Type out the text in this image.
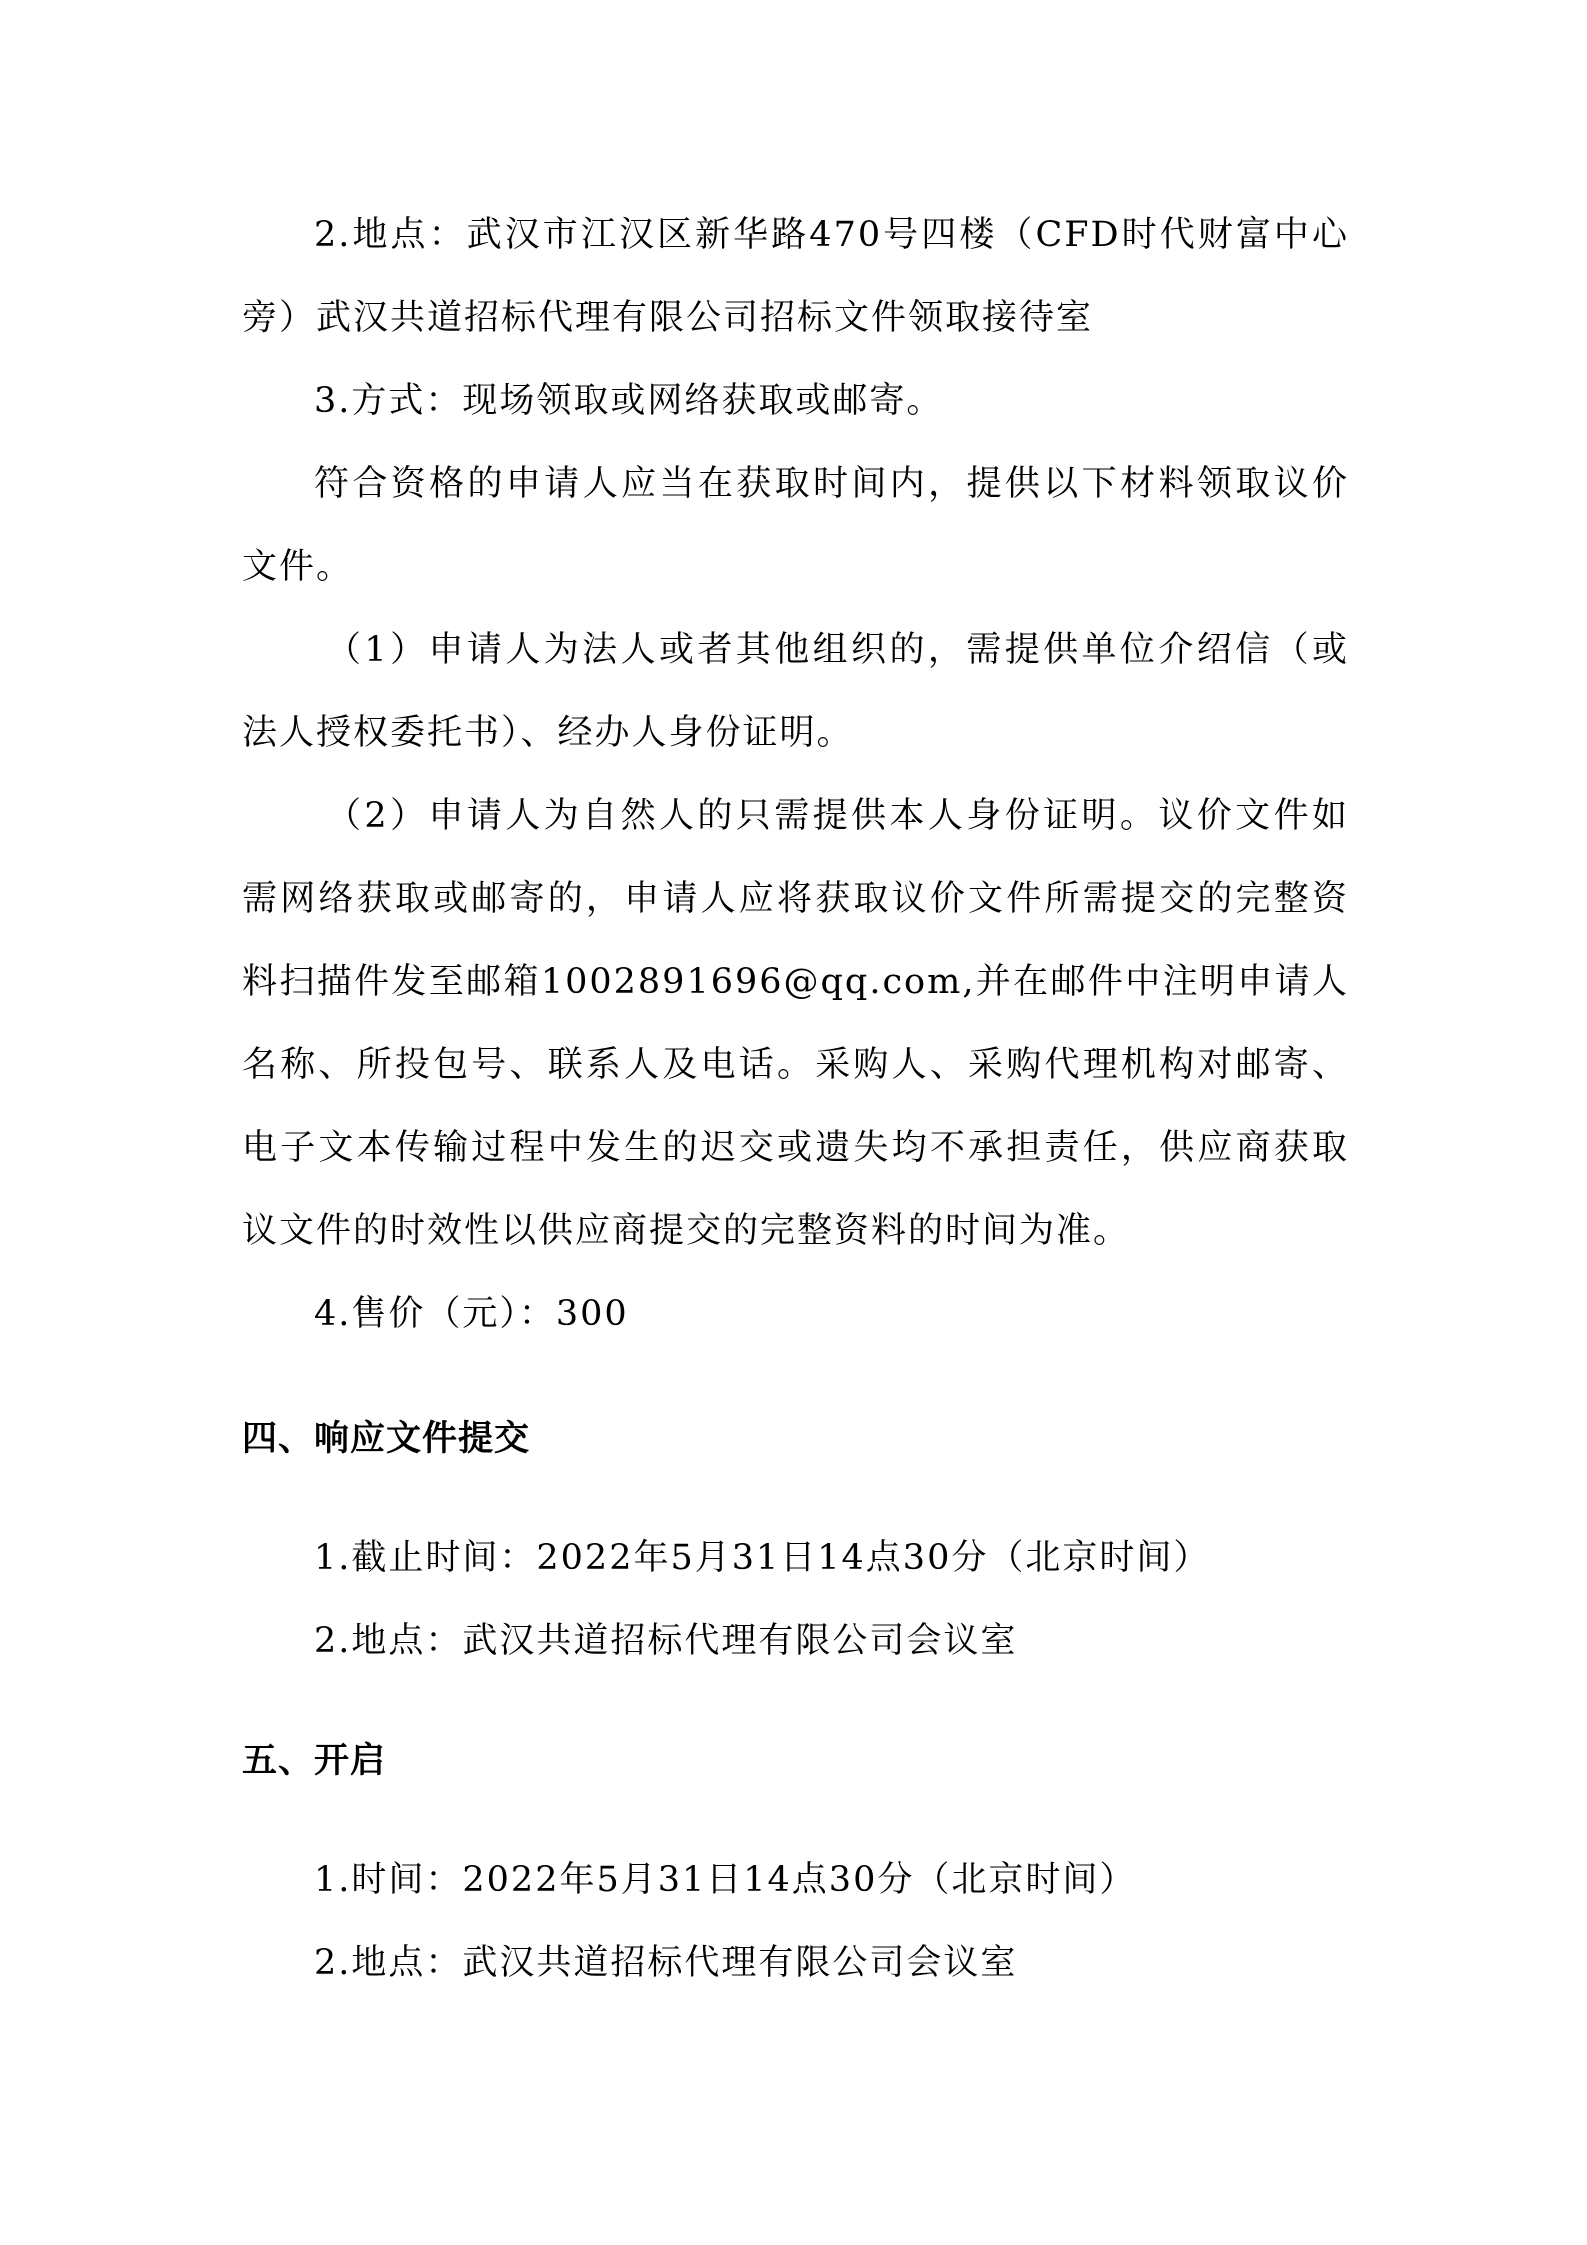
2.地点：武汉市江汉区新华路470号四楼（CFD时代财富中心旁）武汉共道招标代理有限公司招标文件领取接待室

3.方式：现场领取或网络获取或邮寄。

符合资格的申请人应当在获取时间内，提供以下材料领取议价文件。

（1）申请人为法人或者其他组织的，需提供单位介绍信（或法人授权委托书）、经办人身份证明。

（2）申请人为自然人的只需提供本人身份证明。议价文件如需网络获取或邮寄的，申请人应将获取议价文件所需提交的完整资料扫描件发至邮箱1002891696@qq.com,并在邮件中注明申请人名称、所投包号、联系人及电话。采购人、采购代理机构对邮寄、电子文本传输过程中发生的迟交或遗失均不承担责任，供应商获取议文件的时效性以供应商提交的完整资料的时间为准。

4.售价（元）：300

四、响应文件提交

1.截止时间：2022年5月31日14点30分（北京时间）

2.地点：武汉共道招标代理有限公司会议室

五、开启

1.时间：2022年5月31日14点30分（北京时间）

2.地点：武汉共道招标代理有限公司会议室
